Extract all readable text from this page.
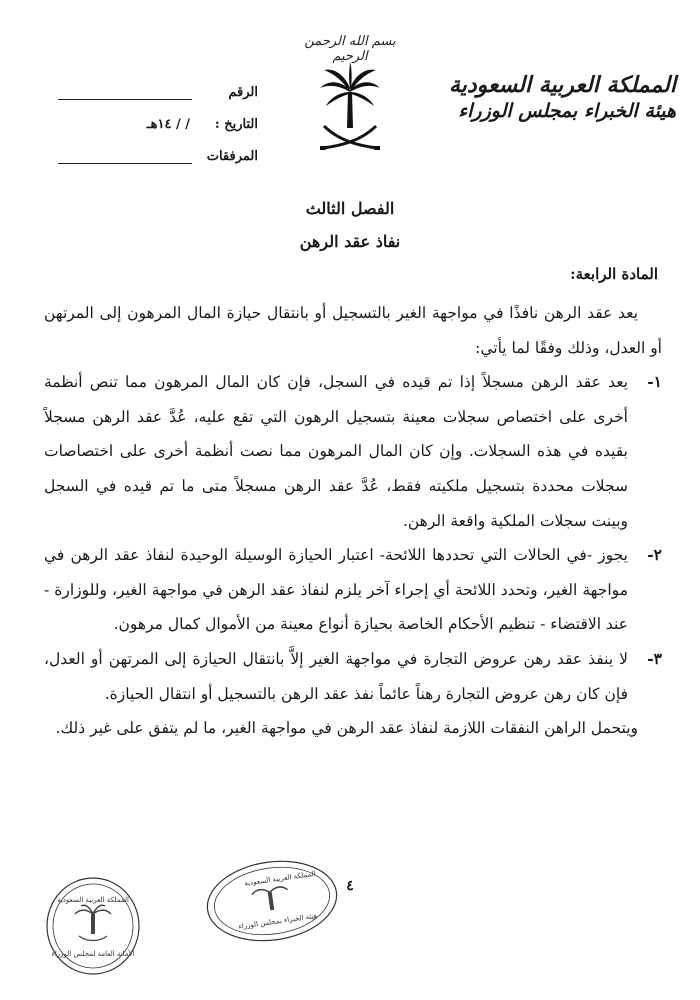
بسم الله الرحمن الرحيم
المملكة العربية السعودية
هيئة الخبراء بمجلس الوزراء
الرقم
التاريخ :
/ / ١٤هـ
المرفقات
الفصل الثالث
نفاذ عقد الرهن
المادة الرابعة:

يعد عقد الرهن نافذًا في مواجهة الغير بالتسجيل أو بانتقال حيازة المال المرهون إلى المرتهن أو العدل، وذلك وفقًا لما يأتي:

١-
يعد عقد الرهن مسجلاً إذا تم قيده في السجل، فإن كان المال المرهون مما تنص أنظمة أخرى على اختصاص سجلات معينة بتسجيل الرهون التي تقع عليه، عُدَّ عقد الرهن مسجلاً بقيده في هذه السجلات. وإن كان المال المرهون مما نصت أنظمة أخرى على اختصاصات سجلات محددة بتسجيل ملكيته فقط، عُدَّ عقد الرهن مسجلاً متى ما تم قيده في السجل وبينت سجلات الملكية واقعة الرهن.
٢-
يجوز -في الحالات التي تحددها اللائحة- اعتبار الحيازة الوسيلة الوحيدة لنفاذ عقد الرهن في مواجهة الغير، وتحدد اللائحة أي إجراء آخر يلزم لنفاذ عقد الرهن في مواجهة الغير، وللوزارة - عند الاقتضاء - تنظيم الأحكام الخاصة بحيازة أنواع معينة من الأموال كمال مرهون.
٣-
لا ينفذ عقد رهن عروض التجارة في مواجهة الغير إلاَّ بانتقال الحيازة إلى المرتهن أو العدل، فإن كان رهن عروض التجارة رهناً عائماً نفذ عقد الرهن بالتسجيل أو انتقال الحيازة.

ويتحمل الراهن النفقات اللازمة لنفاذ عقد الرهن في مواجهة الغير، ما لم يتفق على غير ذلك.

٤
المملكة العربية السعودية
الأمانة العامة لمجلس الوزراء
المملكة العربية السعودية
هيئة الخبراء بمجلس الوزراء
